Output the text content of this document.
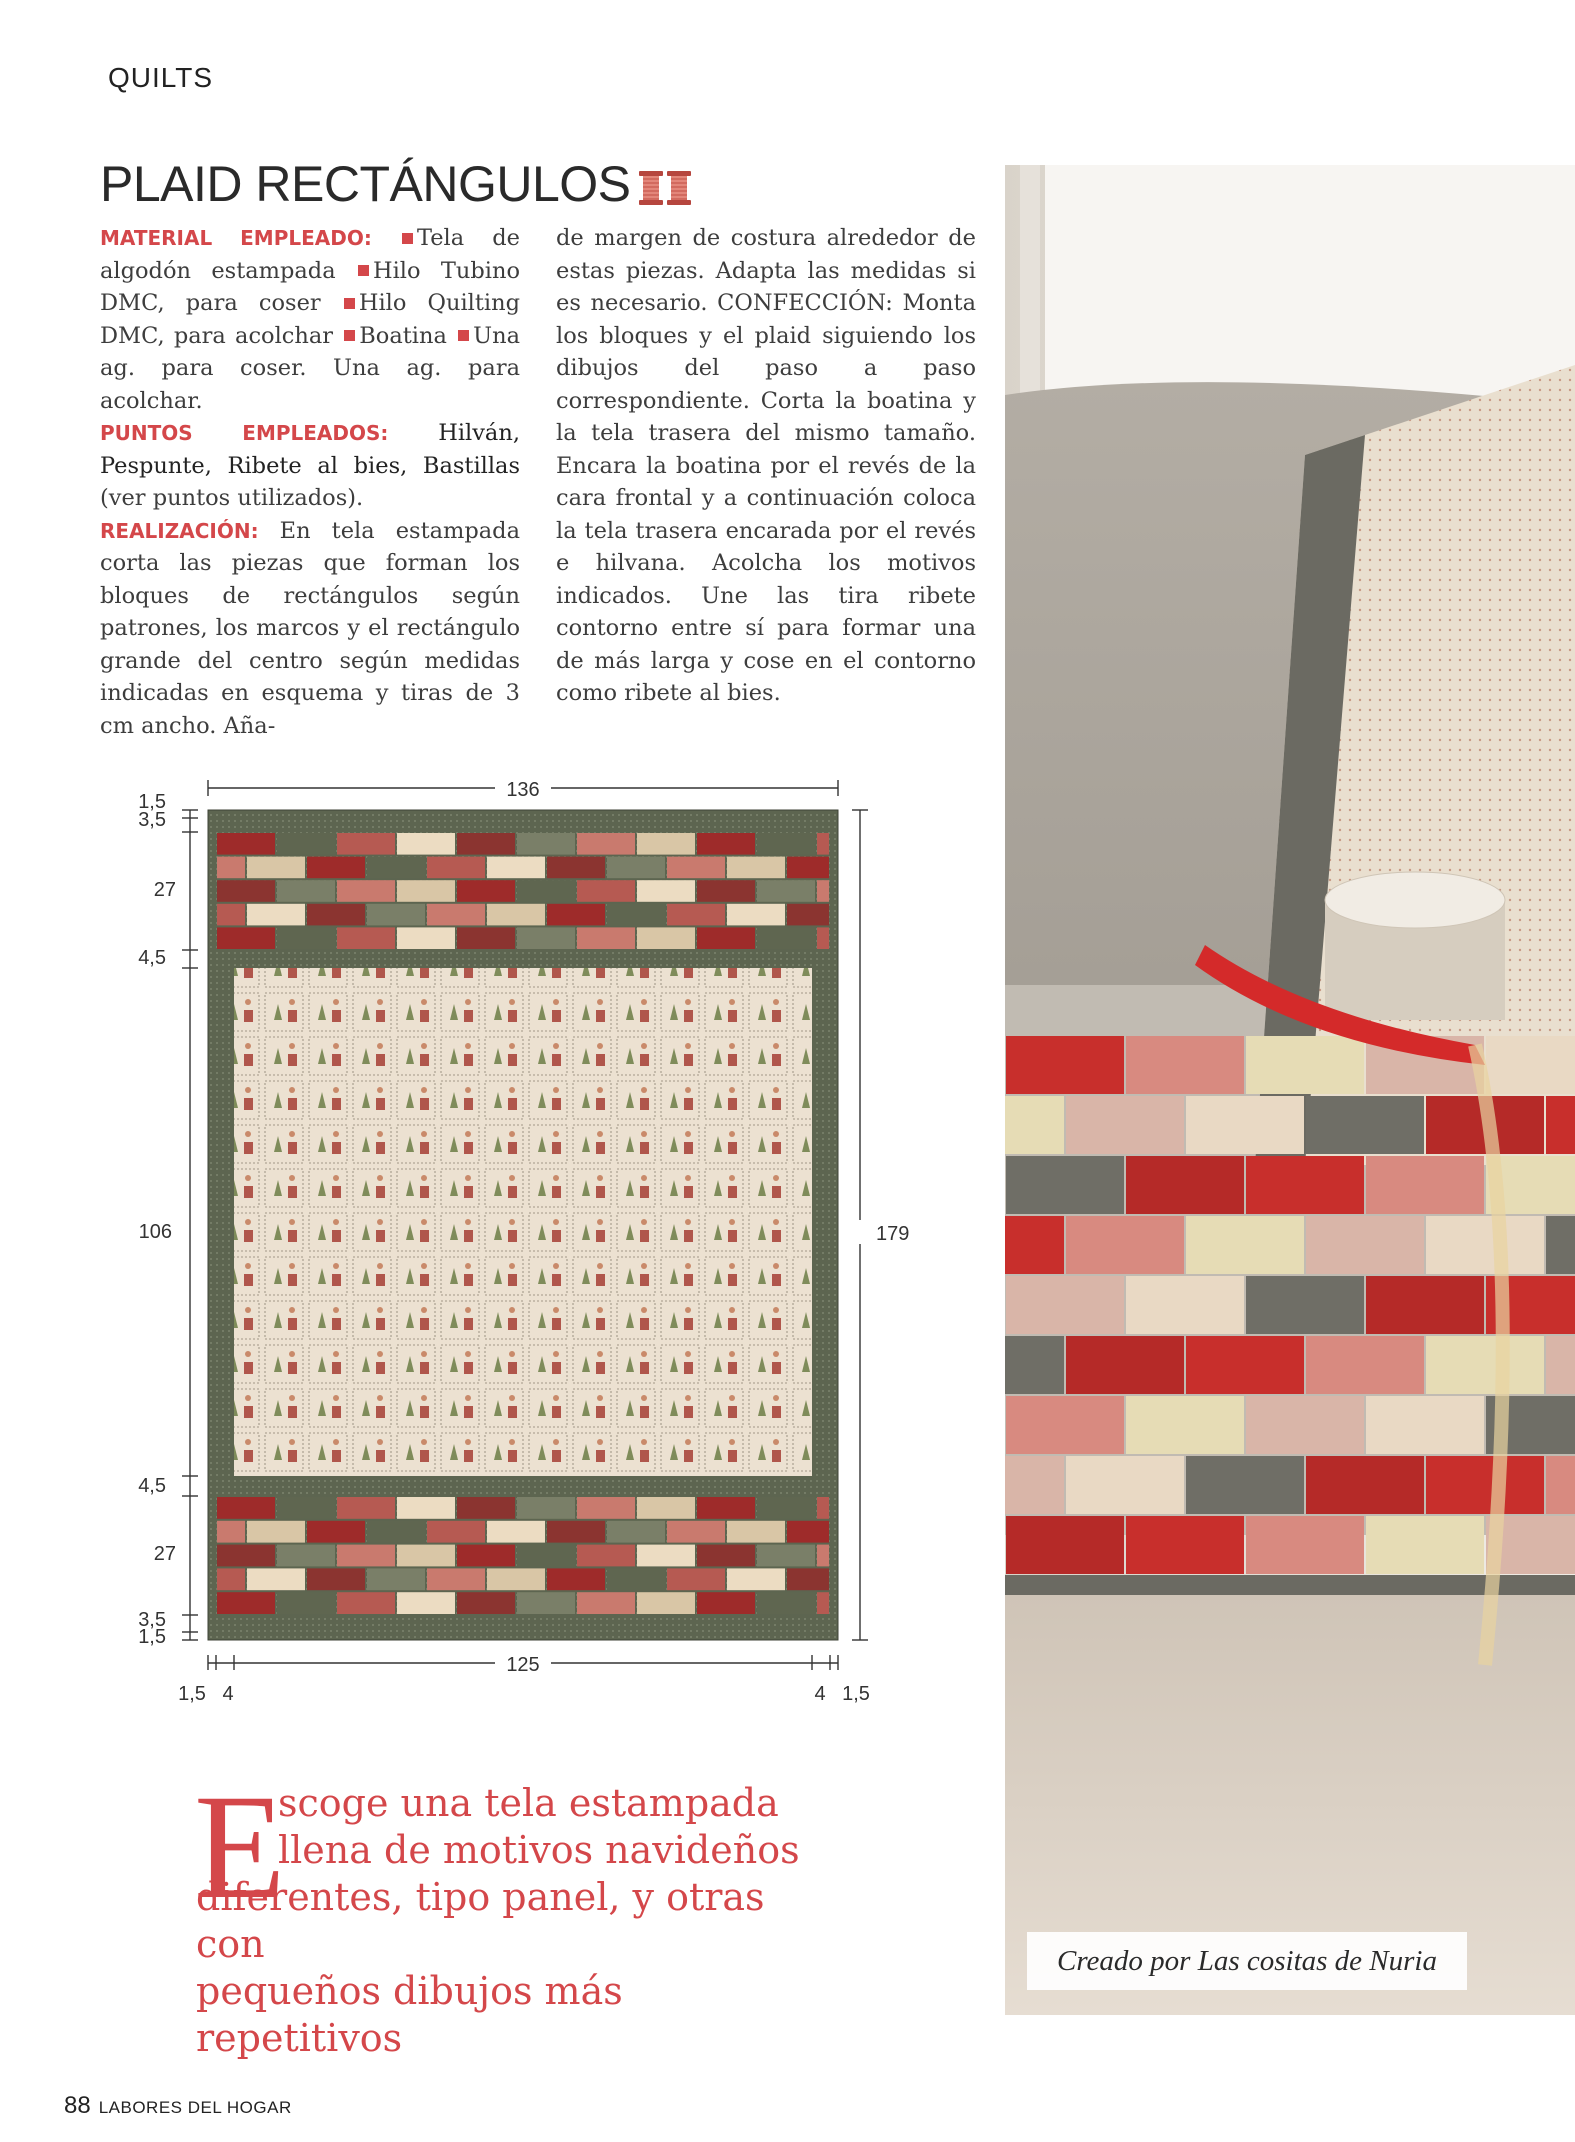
QUILTS
PLAID RECTÁNGULOS
MATERIAL EMPLEADO: Tela de algodón estampada Hilo Tubino DMC, para coser Hilo Quilting DMC, para acolchar Boatina Una ag. para coser. Una ag. para acolchar.
PUNTOS EMPLEADOS: Hilván, Pespunte, Ribete al bies, Bastillas (ver puntos utilizados).
REALIZACIÓN: En tela estampada corta las piezas que forman los bloques de rectángulos según patrones, los marcos y el rectángulo grande del centro según medidas indicadas en esquema y tiras de 3 cm ancho. Aña-
de margen de costura alrededor de estas piezas. Adapta las medidas si es necesario. CONFECCIÓN: Monta los bloques y el plaid siguiendo los dibujos del paso a paso correspondiente. Corta la boatina y la tela trasera del mismo tamaño. Encara la boatina por el revés de la cara frontal y a continuación coloca la tela trasera encarada por el revés e hilvana. Acolcha los motivos indicados. Une las tira ribete contorno entre sí para formar una de más larga y cose en el contorno como ribete al bies.
136
179
125
1,5
3,5
27
4,5
106
4,5
27
3,5
1,5
1,5 4	4 1,5
Creado por Las cositas de Nuria
E
scoge una tela estampada
llena de motivos navideños
diferentes, tipo panel, y otras con
pequeños dibujos más repetitivos
88 LABORES DEL HOGAR
